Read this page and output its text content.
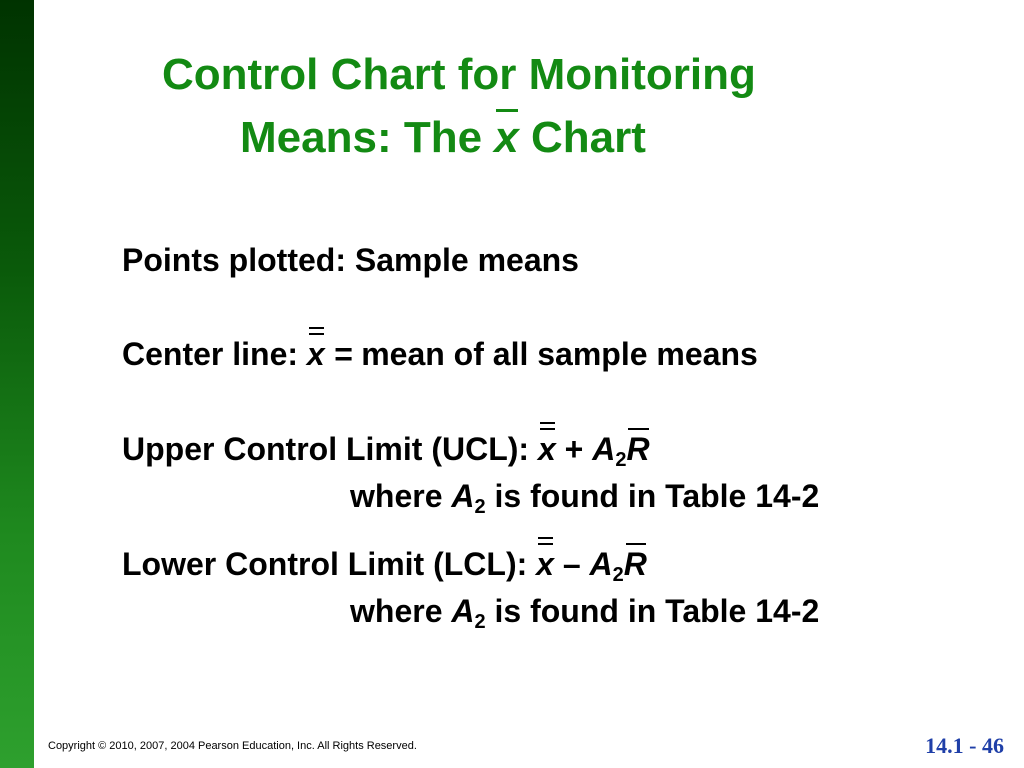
Control Chart for Monitoring
Means: The x Chart
Points plotted: Sample means
Center line: x = mean of all sample means
Upper Control Limit (UCL): $x + A_2R$
where $A_2$ is found in Table 14-2
Lower Control Limit (LCL): x – $A_2R$
where $A_2$ is found in Table 14-2
Copyright © 2010, 2007, 2004 Pearson Education, Inc. All Rights Reserved.	14.1 - 46
